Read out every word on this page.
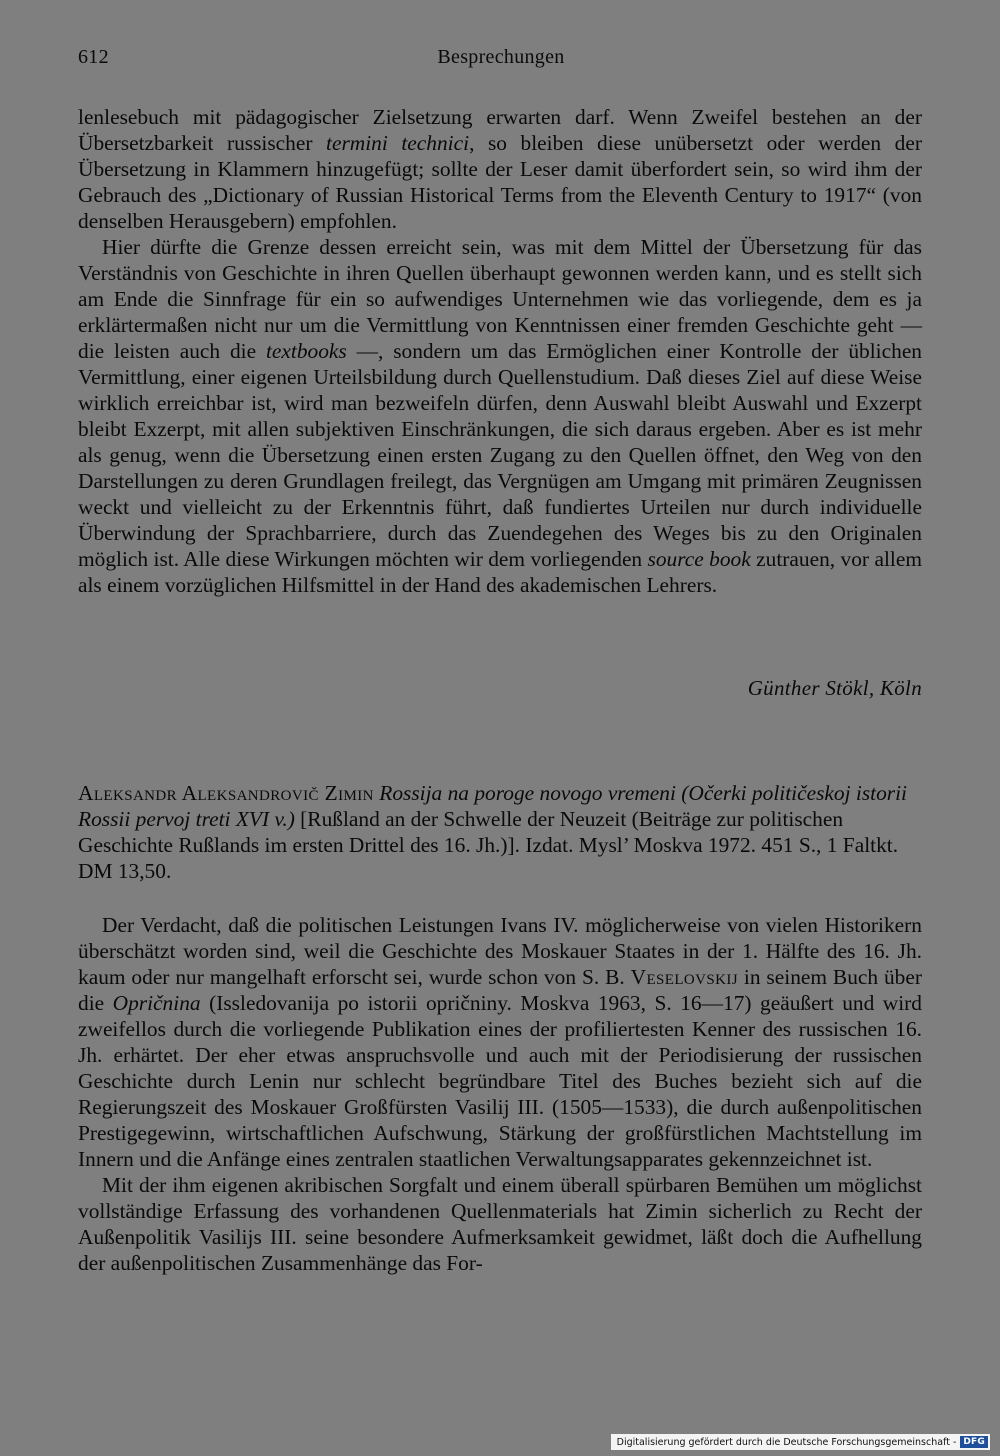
612	Besprechungen

lenlesebuch mit pädagogischer Zielsetzung erwarten darf. Wenn Zweifel bestehen an der Übersetzbarkeit russischer termini technici, so bleiben diese unübersetzt oder werden der Übersetzung in Klammern hinzugefügt; sollte der Leser damit überfordert sein, so wird ihm der Gebrauch des „Dictionary of Russian Historical Terms from the Eleventh Century to 1917“ (von denselben Herausgebern) empfohlen.

Hier dürfte die Grenze dessen erreicht sein, was mit dem Mittel der Übersetzung für das Verständnis von Geschichte in ihren Quellen überhaupt gewonnen werden kann, und es stellt sich am Ende die Sinnfrage für ein so aufwendiges Unternehmen wie das vorliegende, dem es ja erklärtermaßen nicht nur um die Vermittlung von Kenntnissen einer fremden Geschichte geht — die leisten auch die textbooks —, sondern um das Ermöglichen einer Kontrolle der üblichen Vermittlung, einer eigenen Urteilsbildung durch Quellenstudium. Daß dieses Ziel auf diese Weise wirklich erreichbar ist, wird man bezweifeln dürfen, denn Auswahl bleibt Auswahl und Exzerpt bleibt Exzerpt, mit allen subjektiven Einschränkungen, die sich daraus ergeben. Aber es ist mehr als genug, wenn die Übersetzung einen ersten Zugang zu den Quellen öffnet, den Weg von den Darstellungen zu deren Grundlagen freilegt, das Vergnügen am Umgang mit primären Zeugnissen weckt und vielleicht zu der Erkenntnis führt, daß fundiertes Urteilen nur durch individuelle Überwindung der Sprachbarriere, durch das Zuendegehen des Weges bis zu den Originalen möglich ist. Alle diese Wirkungen möchten wir dem vorliegenden source book zutrauen, vor allem als einem vorzüglichen Hilfsmittel in der Hand des akademischen Lehrers.

Günther Stökl, Köln

Aleksandr Aleksandrovič Zimin Rossija na poroge novogo vremeni (Očerki političeskoj istorii Rossii pervoj treti XVI v.) [Rußland an der Schwelle der Neuzeit (Beiträge zur politischen Geschichte Rußlands im ersten Drittel des 16. Jh.)]. Izdat. Mysl’ Moskva 1972. 451 S., 1 Faltkt. DM 13,50.

Der Verdacht, daß die politischen Leistungen Ivans IV. möglicherweise von vielen Historikern überschätzt worden sind, weil die Geschichte des Moskauer Staates in der 1. Hälfte des 16. Jh. kaum oder nur mangelhaft erforscht sei, wurde schon von S. B. Veselovskij in seinem Buch über die Opričnina (Issledovanija po istorii opričniny. Moskva 1963, S. 16—17) geäußert und wird zweifellos durch die vorliegende Publikation eines der profiliertesten Kenner des russischen 16. Jh. erhärtet. Der eher etwas anspruchsvolle und auch mit der Periodisierung der russischen Geschichte durch Lenin nur schlecht begründbare Titel des Buches bezieht sich auf die Regierungszeit des Moskauer Großfürsten Vasilij III. (1505—1533), die durch außenpolitischen Prestigegewinn, wirtschaftlichen Aufschwung, Stärkung der großfürstlichen Machtstellung im Innern und die Anfänge eines zentralen staatlichen Verwaltungsapparates gekennzeichnet ist.

Mit der ihm eigenen akribischen Sorgfalt und einem überall spürbaren Bemühen um möglichst vollständige Erfassung des vorhandenen Quellenmaterials hat Zimin sicherlich zu Recht der Außenpolitik Vasilijs III. seine besondere Aufmerksamkeit gewidmet, läßt doch die Aufhellung der außenpolitischen Zusammenhänge das For-

Digitalisierung gefördert durch die Deutsche Forschungsgemeinschaft - DFG
